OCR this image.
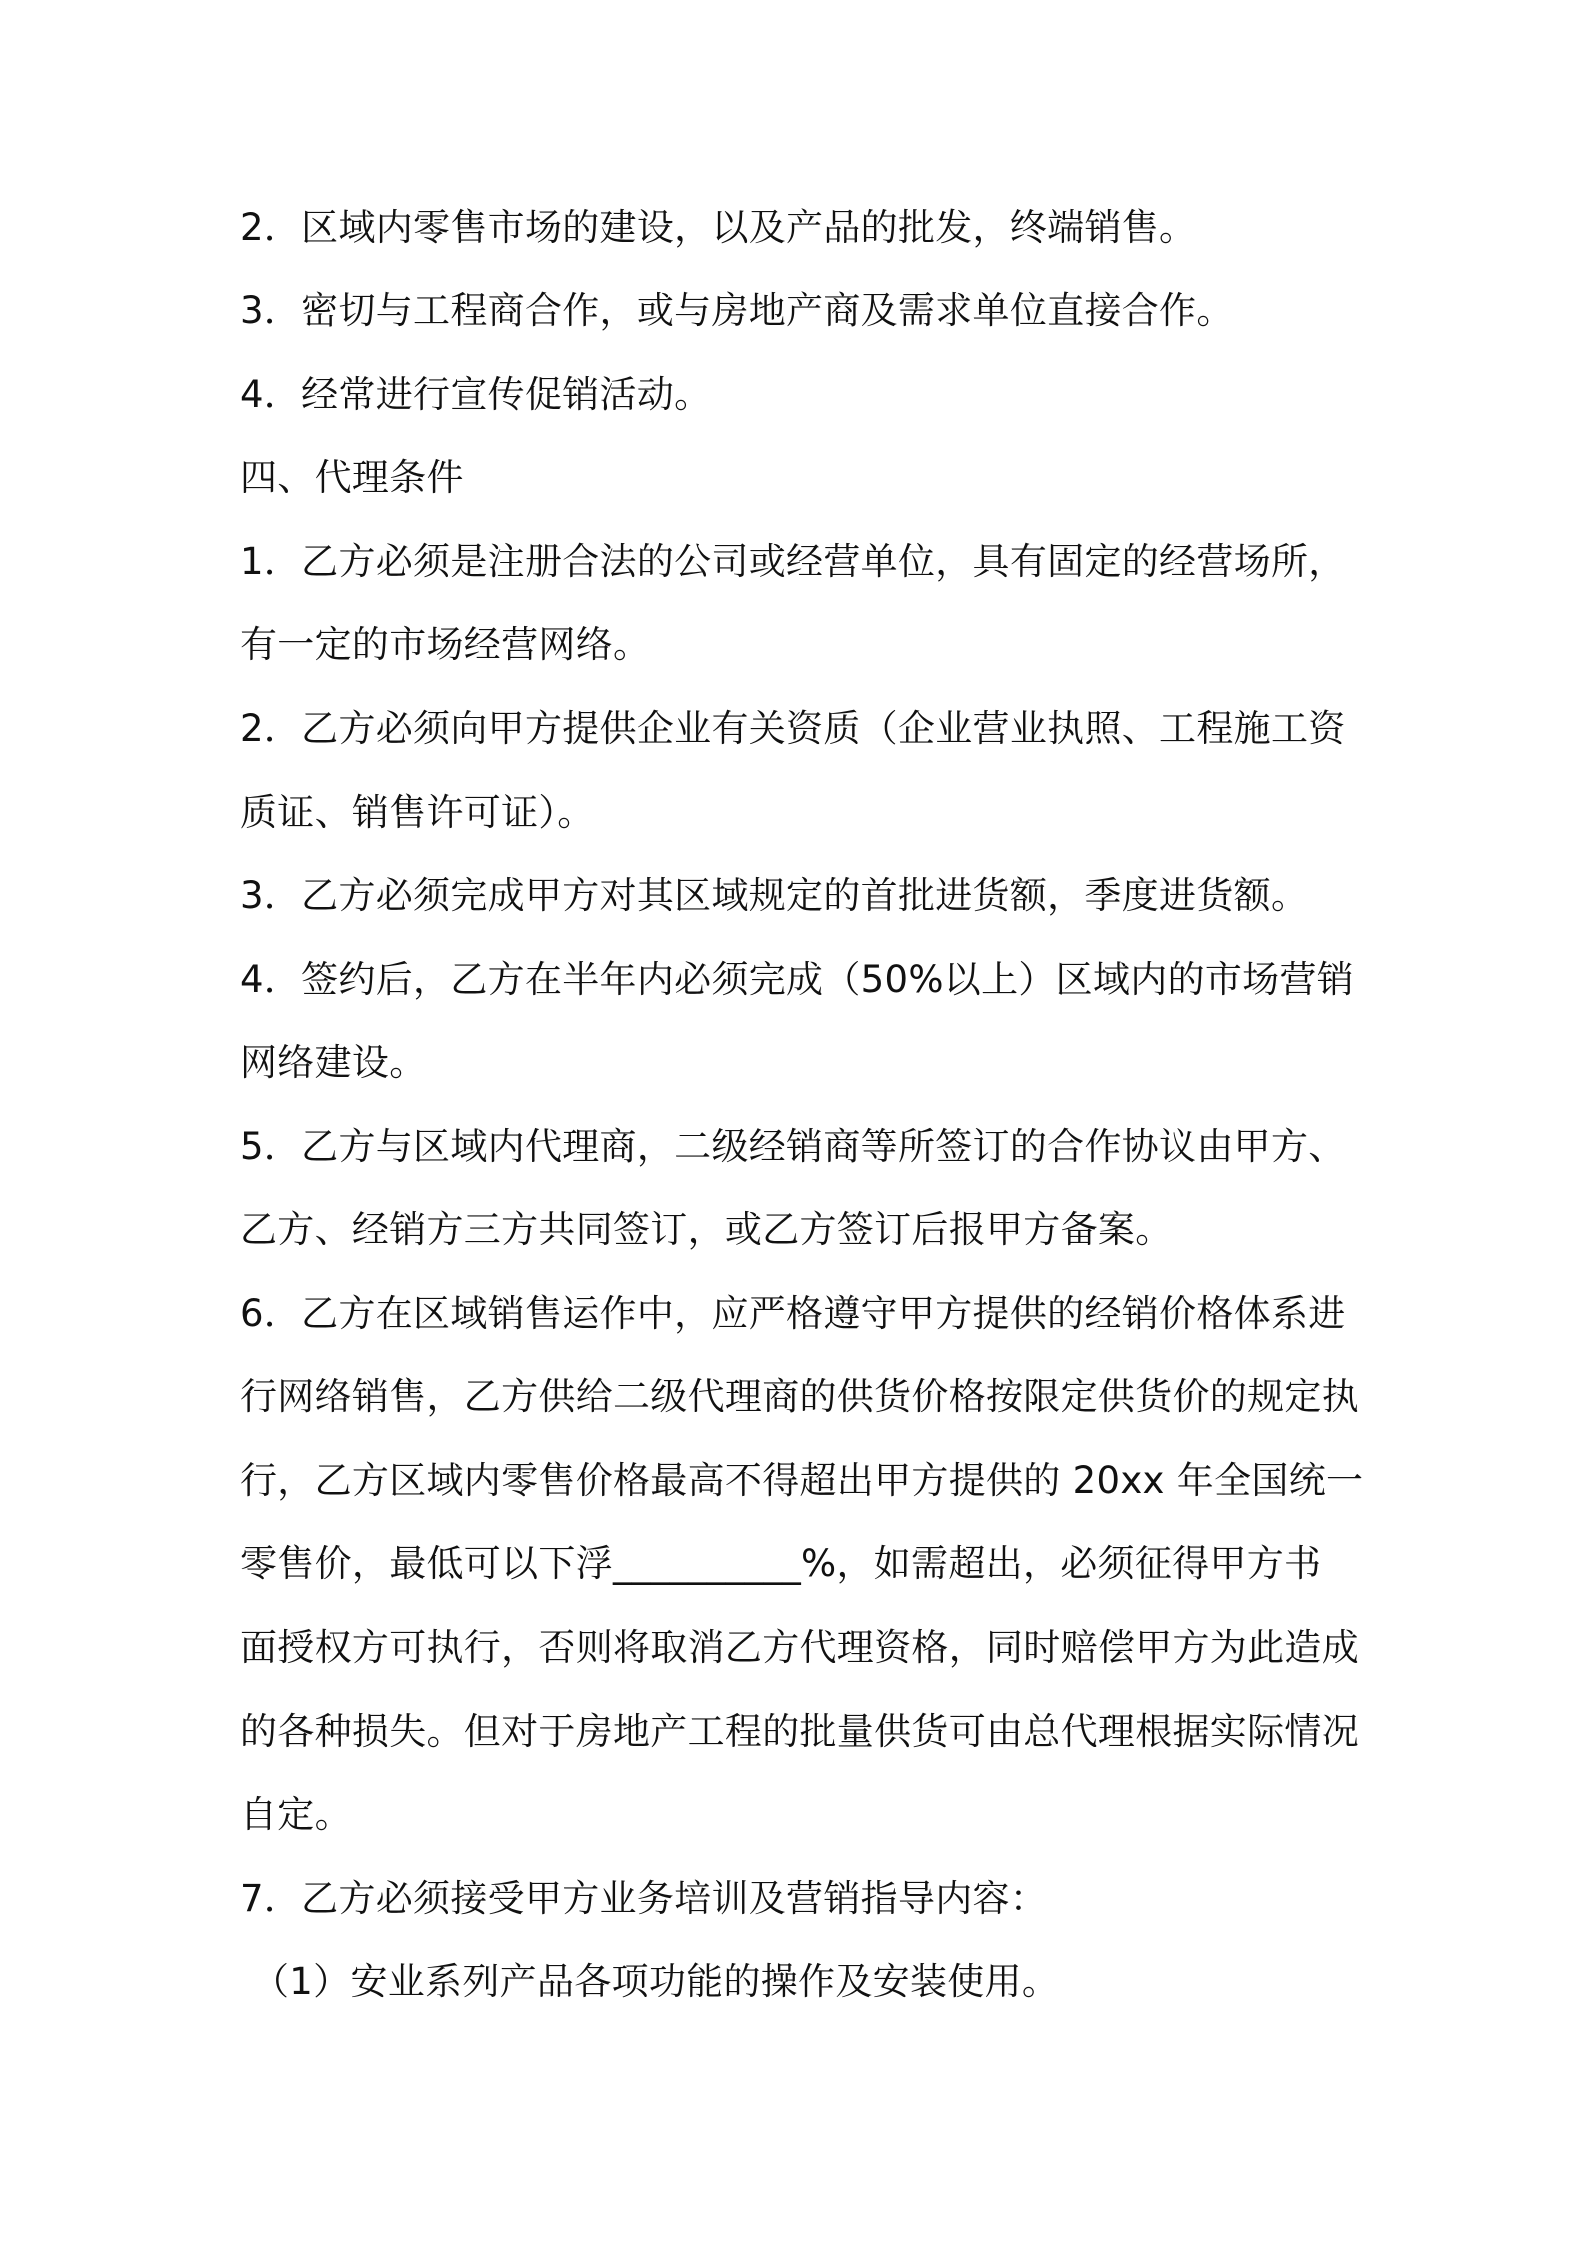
2．区域内零售市场的建设，以及产品的批发，终端销售。
3．密切与工程商合作，或与房地产商及需求单位直接合作。
4．经常进行宣传促销活动。
四、代理条件
1．乙方必须是注册合法的公司或经营单位，具有固定的经营场所，
有一定的市场经营网络。
2．乙方必须向甲方提供企业有关资质（企业营业执照、工程施工资
质证、销售许可证）。
3．乙方必须完成甲方对其区域规定的首批进货额，季度进货额。
4．签约后，乙方在半年内必须完成（50%以上）区域内的市场营销
网络建设。
5．乙方与区域内代理商，二级经销商等所签订的合作协议由甲方、
乙方、经销方三方共同签订，或乙方签订后报甲方备案。
6．乙方在区域销售运作中，应严格遵守甲方提供的经销价格体系进
行网络销售，乙方供给二级代理商的供货价格按限定供货价的规定执
行，乙方区域内零售价格最高不得超出甲方提供的 20xx 年全国统一
零售价，最低可以下浮__________%，如需超出，必须征得甲方书
面授权方可执行，否则将取消乙方代理资格，同时赔偿甲方为此造成
的各种损失。但对于房地产工程的批量供货可由总代理根据实际情况
自定。
7．乙方必须接受甲方业务培训及营销指导内容：
（1）安业系列产品各项功能的操作及安装使用。
